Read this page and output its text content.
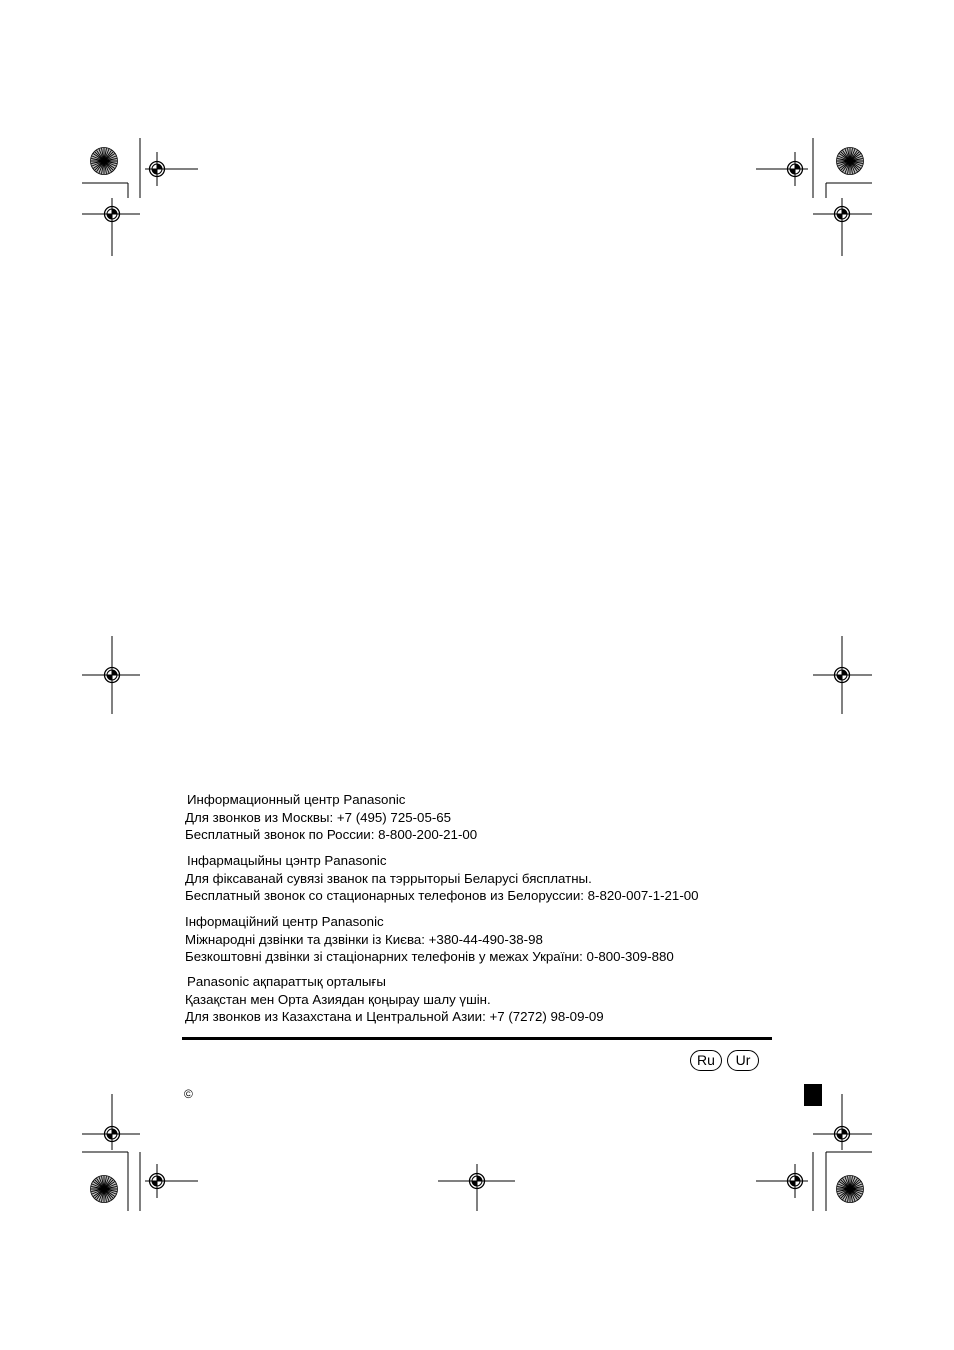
Информационный центр Panasonic
Для звонков из Москвы: +7 (495) 725-05-65
Бесплатный звонок по России: 8-800-200-21-00
Інфармацыйны цэнтр Panasonic
Для фіксаванай сувязі званок па тэррыторыі Беларусі бясплатны.
Бесплатный звонок со стационарных телефонов из Белоруссии: 8-820-007-1-21-00
Інформаційний центр Panasonic
Міжнародні дзвінки та дзвінки із Києва: +380-44-490-38-98
Безкоштовні дзвінки зі стаціонарних телефонів у межах України: 0-800-309-880
Panasonic ақпараттық орталығы
Қазақстан мен Орта Азиядан қоңырау шалу үшін.
Для звонков из Казахстана и Центральной Азии: +7 (7272) 98-09-09
Ru	Ur
©
